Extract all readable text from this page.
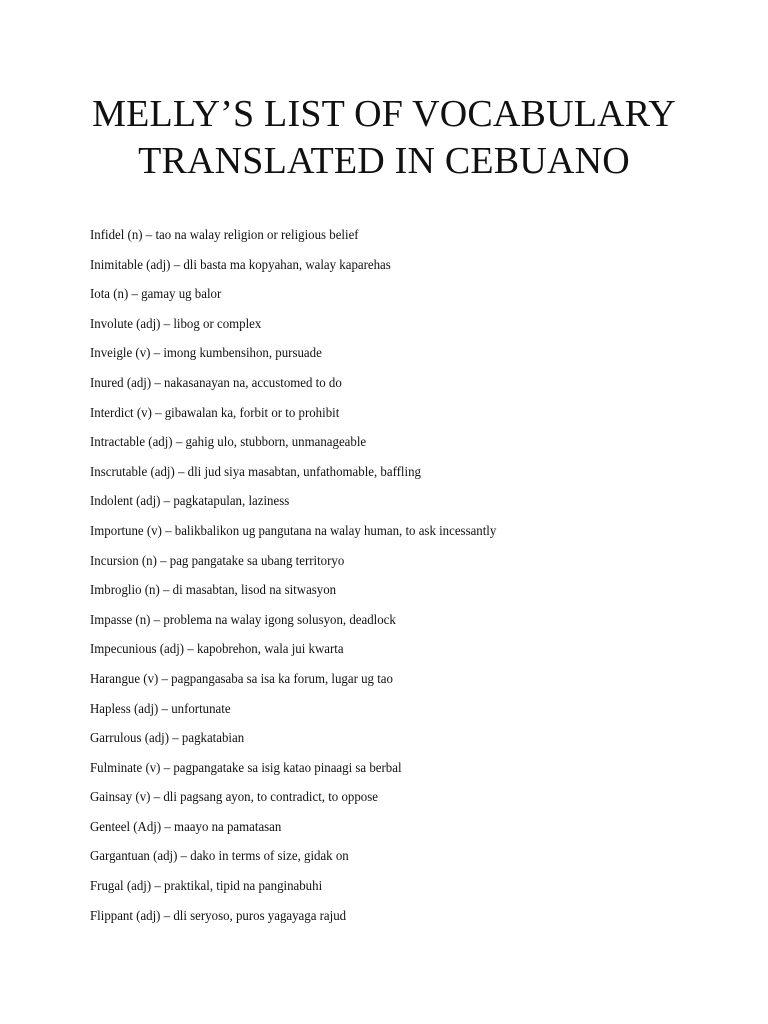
MELLY’S LIST OF VOCABULARY
TRANSLATED IN CEBUANO
Infidel (n) – tao na walay religion or religious belief
Inimitable (adj) – dli basta ma kopyahan, walay kaparehas
Iota (n) – gamay ug balor
Involute (adj) – libog or complex
Inveigle (v) – imong kumbensihon, pursuade
Inured (adj) – nakasanayan na, accustomed to do
Interdict (v) – gibawalan ka, forbit or to prohibit
Intractable (adj) – gahig ulo, stubborn, unmanageable
Inscrutable (adj) – dli jud siya masabtan, unfathomable, baffling
Indolent (adj) – pagkatapulan, laziness
Importune (v) – balikbalikon ug pangutana na walay human, to ask incessantly
Incursion (n) – pag pangatake sa ubang territoryo
Imbroglio (n) – di masabtan, lisod na sitwasyon
Impasse (n) – problema na walay igong solusyon, deadlock
Impecunious (adj) – kapobrehon, wala jui kwarta
Harangue (v) – pagpangasaba sa isa ka forum, lugar ug tao
Hapless (adj) – unfortunate
Garrulous (adj) – pagkatabian
Fulminate (v) – pagpangatake sa isig katao pinaagi sa berbal
Gainsay (v) – dli pagsang ayon, to contradict, to oppose
Genteel (Adj) – maayo na pamatasan
Gargantuan (adj) – dako in terms of size, gidak on
Frugal (adj) – praktikal, tipid na panginabuhi
Flippant (adj) – dli seryoso, puros yagayaga rajud
